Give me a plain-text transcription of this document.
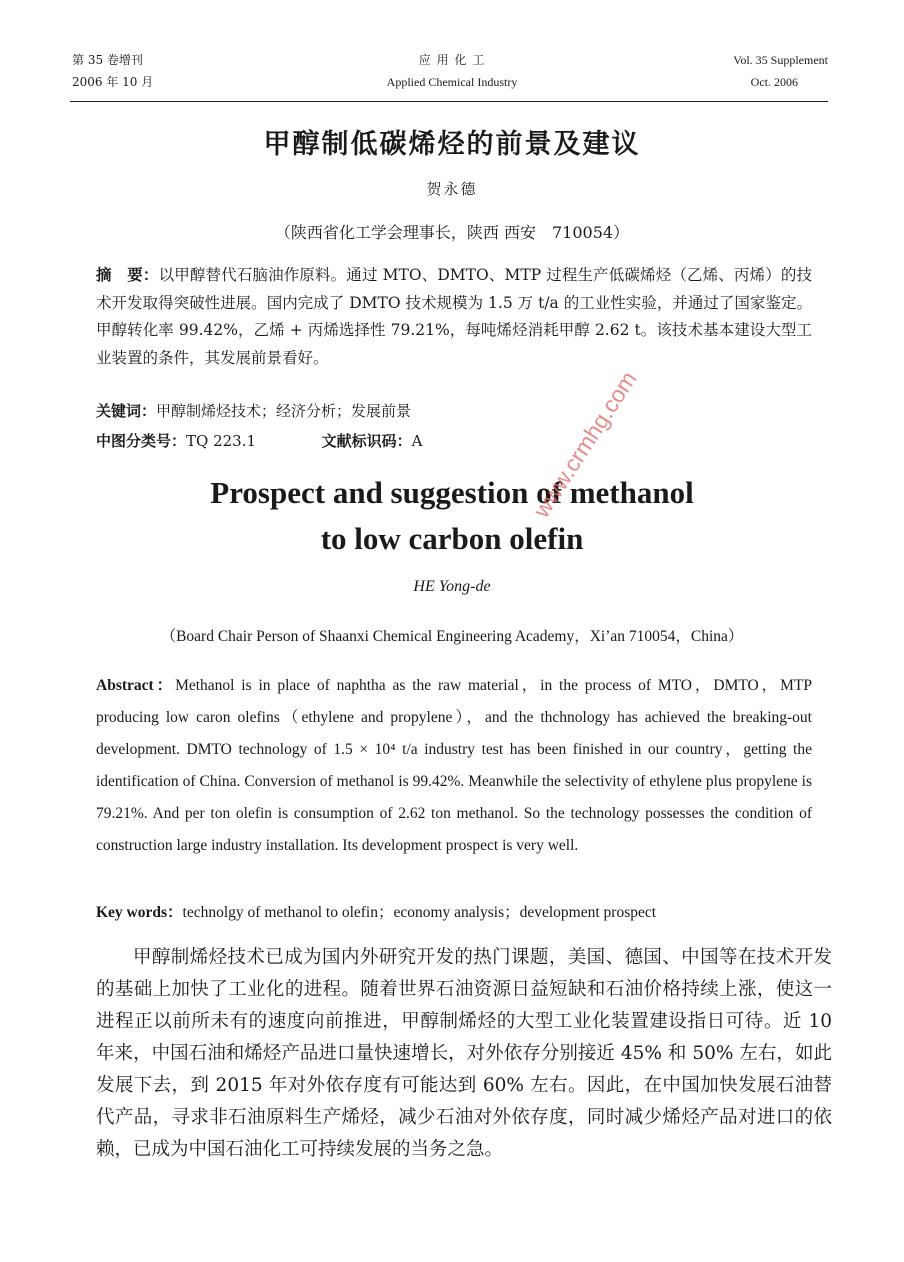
第 35 卷增刊
2006 年 10 月
应 用 化 工
Applied Chemical Industry
Vol. 35 Supplement
Oct. 2006
甲醇制低碳烯烃的前景及建议
贺永德
（陕西省化工学会理事长，陕西 西安　710054）
摘　要：以甲醇替代石脑油作原料。通过 MTO、DMTO、MTP 过程生产低碳烯烃（乙烯、丙烯）的技术开发取得突破性进展。国内完成了 DMTO 技术规模为 1.5 万 t/a 的工业性实验，并通过了国家鉴定。甲醇转化率 99.42%，乙烯 + 丙烯选择性 79.21%，每吨烯烃消耗甲醇 2.62 t。该技术基本建设大型工业装置的条件，其发展前景看好。
关键词：甲醇制烯烃技术；经济分析；发展前景
中图分类号：TQ 223.1	文献标识码：A
Prospect and suggestion of methanol
to low carbon olefin
HE Yong-de
（Board Chair Person of Shaanxi Chemical Engineering Academy，Xi’an 710054，China）
Abstract：Methanol is in place of naphtha as the raw material，in the process of MTO，DMTO，MTP producing low caron olefins（ethylene and propylene），and the thchnology has achieved the breaking-out development. DMTO technology of 1.5 × 10⁴ t/a industry test has been finished in our country，getting the identification of China. Conversion of methanol is 99.42%. Meanwhile the selectivity of ethylene plus propylene is 79.21%. And per ton olefin is consumption of 2.62 ton methanol. So the technology possesses the condition of construction large industry installation. Its development prospect is very well.
Key words：technolgy of methanol to olefin；economy analysis；development prospect
甲醇制烯烃技术已成为国内外研究开发的热门课题，美国、德国、中国等在技术开发的基础上加快了工业化的进程。随着世界石油资源日益短缺和石油价格持续上涨，使这一进程正以前所未有的速度向前推进，甲醇制烯烃的大型工业化装置建设指日可待。近 10 年来，中国石油和烯烃产品进口量快速增长，对外依存分别接近 45% 和 50% 左右，如此发展下去，到 2015 年对外依存度有可能达到 60% 左右。因此，在中国加快发展石油替代产品，寻求非石油原料生产烯烃，减少石油对外依存度，同时减少烯烃产品对进口的依赖，已成为中国石油化工可持续发展的当务之急。
www.crmhg.com
